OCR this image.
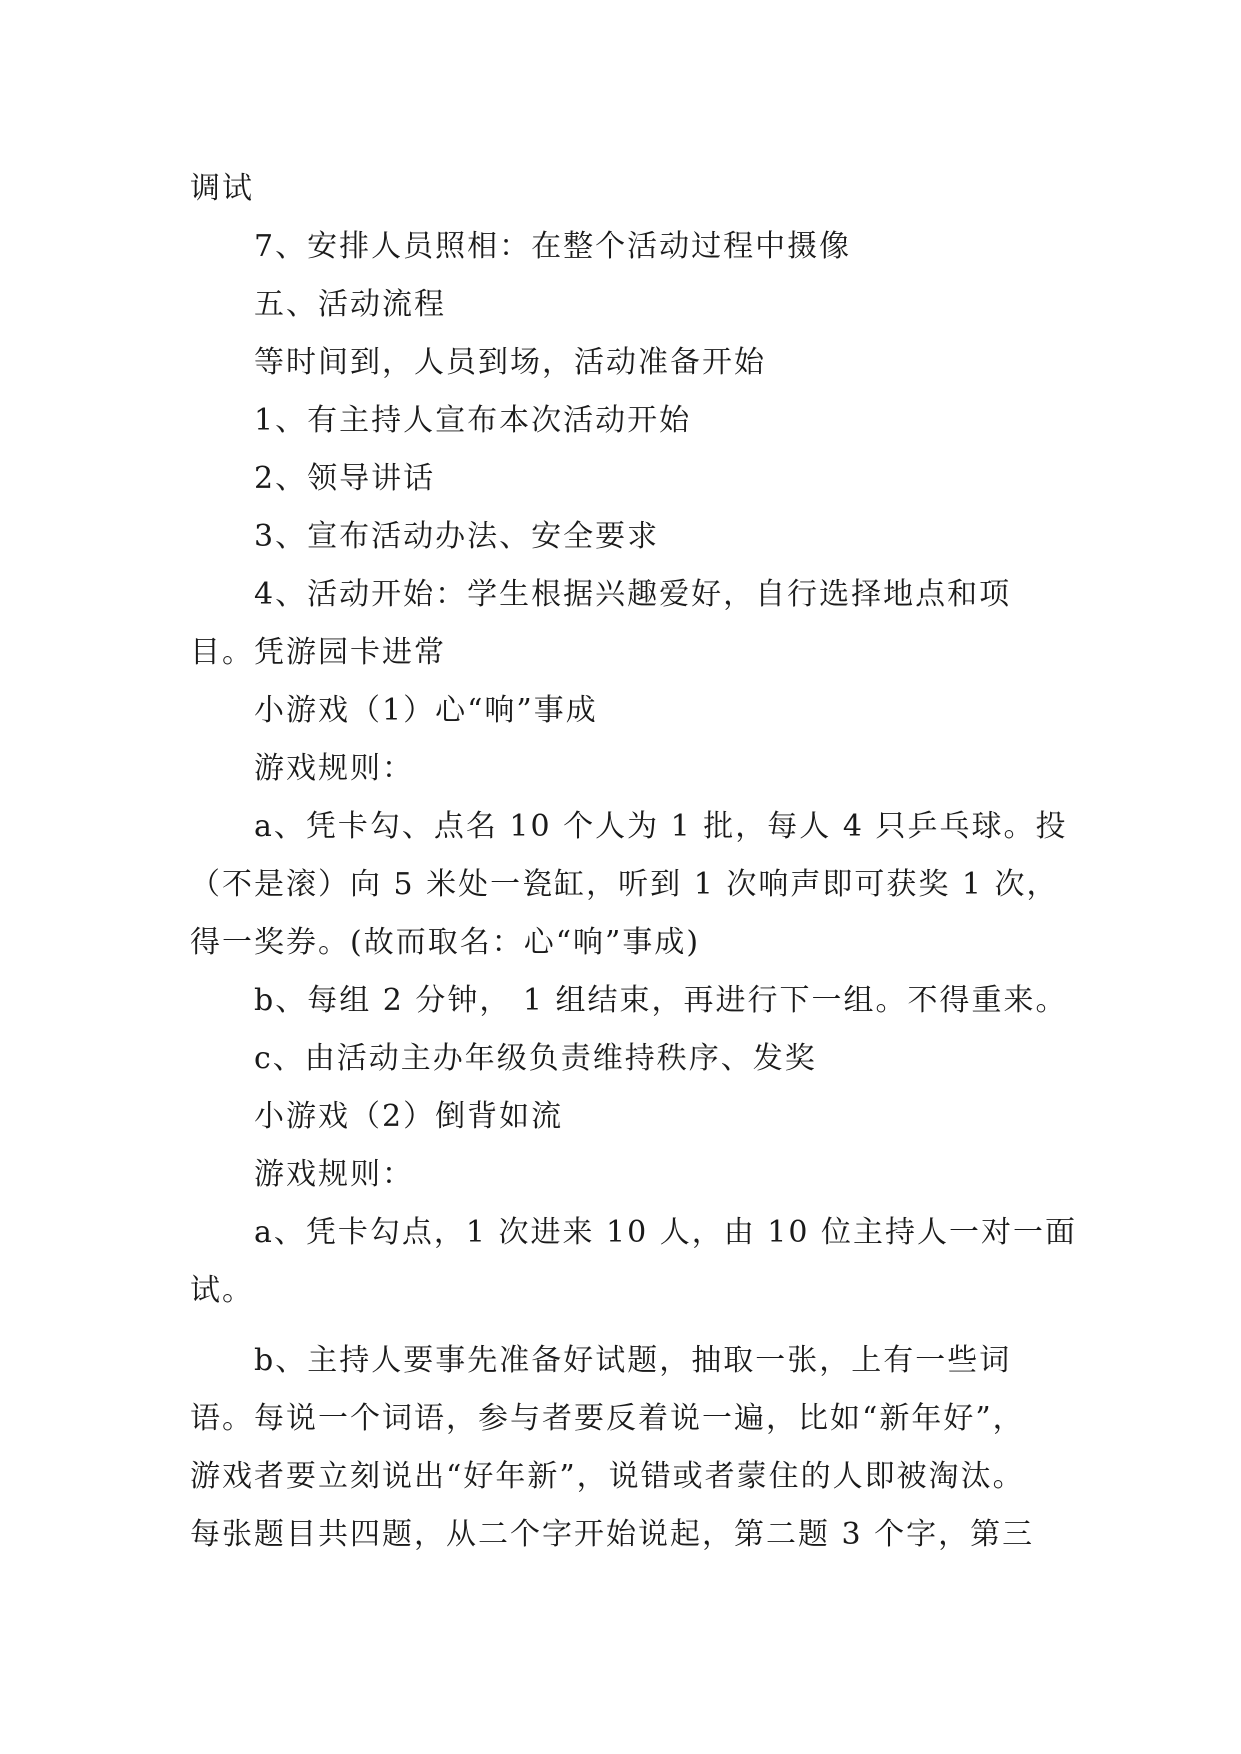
调试

7、安排人员照相：在整个活动过程中摄像

五、活动流程

等时间到，人员到场，活动准备开始

1、有主持人宣布本次活动开始

2、领导讲话

3、宣布活动办法、安全要求

4、活动开始：学生根据兴趣爱好，自行选择地点和项

目。凭游园卡进常

小游戏（1）心“响”事成

游戏规则：

a、凭卡勾、点名 10 个人为 1 批，每人 4 只乒乓球。投

（不是滚）向 5 米处一瓷缸，听到 1 次响声即可获奖 1 次，

得一奖券。(故而取名：心“响”事成)

b、每组 2 分钟， 1 组结束，再进行下一组。不得重来。

c、由活动主办年级负责维持秩序、发奖

小游戏（2）倒背如流

游戏规则：

a、凭卡勾点，1 次进来 10 人，由 10 位主持人一对一面

试。

b、主持人要事先准备好试题，抽取一张，上有一些词

语。每说一个词语，参与者要反着说一遍，比如“新年好”，

游戏者要立刻说出“好年新”，说错或者蒙住的人即被淘汰。

每张题目共四题，从二个字开始说起，第二题 3 个字，第三
